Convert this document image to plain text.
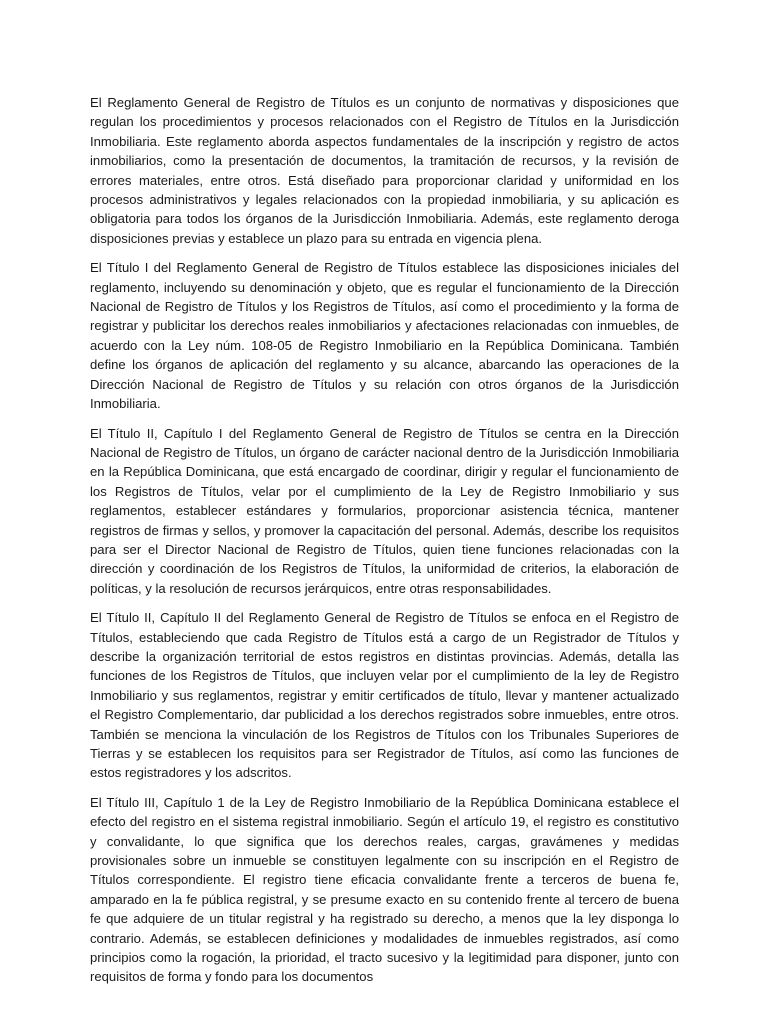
El Reglamento General de Registro de Títulos es un conjunto de normativas y disposiciones que regulan los procedimientos y procesos relacionados con el Registro de Títulos en la Jurisdicción Inmobiliaria. Este reglamento aborda aspectos fundamentales de la inscripción y registro de actos inmobiliarios, como la presentación de documentos, la tramitación de recursos, y la revisión de errores materiales, entre otros. Está diseñado para proporcionar claridad y uniformidad en los procesos administrativos y legales relacionados con la propiedad inmobiliaria, y su aplicación es obligatoria para todos los órganos de la Jurisdicción Inmobiliaria. Además, este reglamento deroga disposiciones previas y establece un plazo para su entrada en vigencia plena.

El Título I del Reglamento General de Registro de Títulos establece las disposiciones iniciales del reglamento, incluyendo su denominación y objeto, que es regular el funcionamiento de la Dirección Nacional de Registro de Títulos y los Registros de Títulos, así como el procedimiento y la forma de registrar y publicitar los derechos reales inmobiliarios y afectaciones relacionadas con inmuebles, de acuerdo con la Ley núm. 108-05 de Registro Inmobiliario en la República Dominicana. También define los órganos de aplicación del reglamento y su alcance, abarcando las operaciones de la Dirección Nacional de Registro de Títulos y su relación con otros órganos de la Jurisdicción Inmobiliaria.

El Título II, Capítulo I del Reglamento General de Registro de Títulos se centra en la Dirección Nacional de Registro de Títulos, un órgano de carácter nacional dentro de la Jurisdicción Inmobiliaria en la República Dominicana, que está encargado de coordinar, dirigir y regular el funcionamiento de los Registros de Títulos, velar por el cumplimiento de la Ley de Registro Inmobiliario y sus reglamentos, establecer estándares y formularios, proporcionar asistencia técnica, mantener registros de firmas y sellos, y promover la capacitación del personal. Además, describe los requisitos para ser el Director Nacional de Registro de Títulos, quien tiene funciones relacionadas con la dirección y coordinación de los Registros de Títulos, la uniformidad de criterios, la elaboración de políticas, y la resolución de recursos jerárquicos, entre otras responsabilidades.

El Título II, Capítulo II del Reglamento General de Registro de Títulos se enfoca en el Registro de Títulos, estableciendo que cada Registro de Títulos está a cargo de un Registrador de Títulos y describe la organización territorial de estos registros en distintas provincias. Además, detalla las funciones de los Registros de Títulos, que incluyen velar por el cumplimiento de la ley de Registro Inmobiliario y sus reglamentos, registrar y emitir certificados de título, llevar y mantener actualizado el Registro Complementario, dar publicidad a los derechos registrados sobre inmuebles, entre otros. También se menciona la vinculación de los Registros de Títulos con los Tribunales Superiores de Tierras y se establecen los requisitos para ser Registrador de Títulos, así como las funciones de estos registradores y los adscritos.

El Título III, Capítulo 1 de la Ley de Registro Inmobiliario de la República Dominicana establece el efecto del registro en el sistema registral inmobiliario. Según el artículo 19, el registro es constitutivo y convalidante, lo que significa que los derechos reales, cargas, gravámenes y medidas provisionales sobre un inmueble se constituyen legalmente con su inscripción en el Registro de Títulos correspondiente. El registro tiene eficacia convalidante frente a terceros de buena fe, amparado en la fe pública registral, y se presume exacto en su contenido frente al tercero de buena fe que adquiere de un titular registral y ha registrado su derecho, a menos que la ley disponga lo contrario. Además, se establecen definiciones y modalidades de inmuebles registrados, así como principios como la rogación, la prioridad, el tracto sucesivo y la legitimidad para disponer, junto con requisitos de forma y fondo para los documentos
